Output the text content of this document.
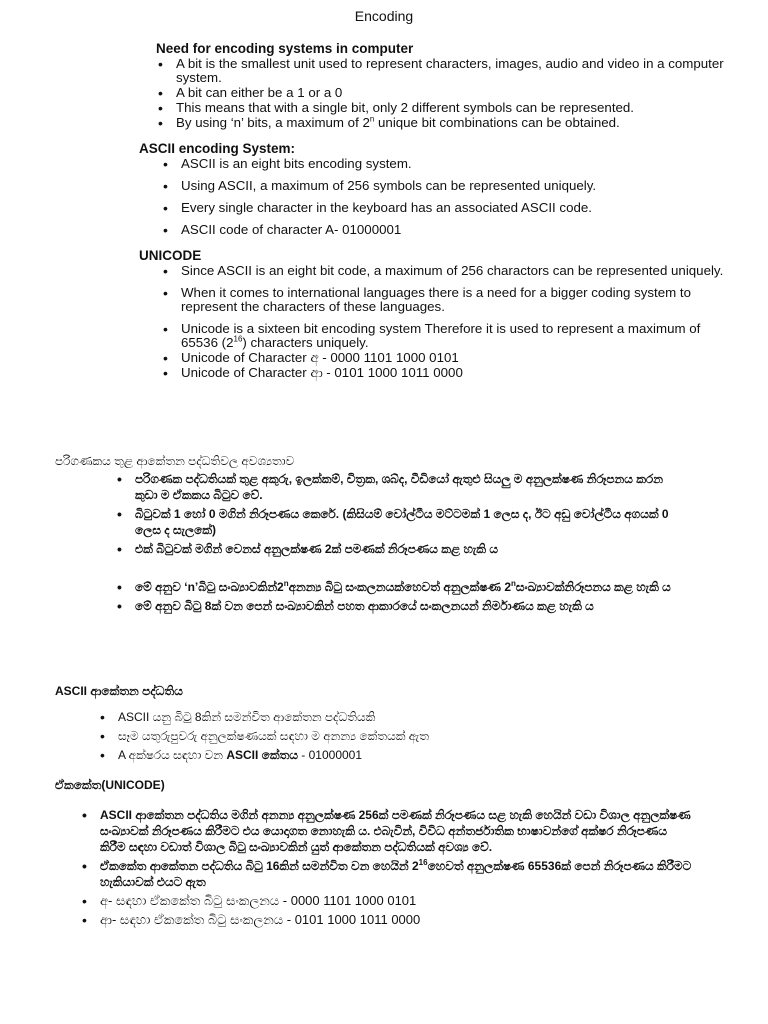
Encoding
Need for encoding systems in computer
• A bit is the smallest unit used to represent characters, images, audio and video in a computer system.
• A bit can either be a 1 or a 0
• This means that with a single bit, only 2 different symbols can be represented.
• By using ‘n’ bits, a maximum of 2$^n$ unique bit combinations can be obtained.
ASCII encoding System:
• ASCII is an eight bits encoding system.
• Using ASCII, a maximum of 256 symbols can be represented uniquely.
• Every single character in the keyboard has an associated ASCII code.
• ASCII code of character A- 01000001
UNICODE
• Since ASCII is an eight bit code, a maximum of 256 charactors can be represented uniquely.
• When it comes to international languages there is a need for a bigger coding system to represent the characters of these languages.
• Unicode is a sixteen bit encoding system Therefore it is used to represent a maximum of 65536 $(2^{16})$ characters uniquely.
• Unicode of Character අ - 0000 1101 1000 0101
• Unicode of Character ආ - 0101 1000 1011 0000
පරිගණකය තුළ ආකේතන පද්ධතිවල අවශ්‍යතාව
• පරිගණක පද්ධතියක් තුළ අකුරු, ඉලක්කම්, චිත්‍රක, ශබ්ද, වීඩියෝ ඇතුළු සියලු ම අනුලක්ෂණ නිරූපනය කරන කුඩා ම ඒකකය බිටුව වේ.
• බිටුවක් 1 හෝ 0 මගින් නිරූපණය කෙරේ. (කිසියම් වෝල්ටීය මට්ටමක් 1 ලෙස ද, ඊට අඩු වෝල්ටීය අගයක් 0 ලෙස ද සැලකේ)
• එක් බිටුවක් මගින් වෙනස් අනුලක්ෂණ 2ක් පමණක් නිරූපණය කළ හැකි ය
• මේ අනුව ‘n’බිටු සංඛ්‍යාවකින්2$^n$අනන්‍ය බිටු සංකලනයක්හෙවත් අනුලක්ෂණ 2$^n$සංඛ්‍යාවක්නිරූපනය කළ හැකි ය
• මේ අනුව බිටු 8ක් වන පෙන් සංඛ්‍යාවකින් පහත ආකාරයේ සංකලනයන් නිර්මාණය කළ හැකි ය
ASCII ආකේතන පද්ධතිය
• ASCII යනු බිටු 8කින් සමන්විත ආකේතන පද්ධතියකි
• සෑම යතුරුපුවරු අනුලක්ෂණයක් සඳහා ම අනන්‍ය කේතයක් ඇත
• A අක්ෂරය සඳහා වන ASCII කේතය - 01000001
ඒකකේත(UNICODE)
• ASCII ආකේතන පද්ධතිය මගින් අනන්‍ය අනුලක්ෂණ 256ක් පමණක් නිරූපණය සළ හැකි හෙයින් වඩා විශාල අනුලක්ෂණ සංඛ්‍යාවක් නිරූපණය කිරීමට එය යොදාගත නොහැකි ය. එබැවින්, විවිධ අන්තර්ජාතික භාෂාවන්ගේ අක්ෂර නිරූපණය කිරීම සඳහා වඩාත් විශාල බිටු සංඛ්‍යාවකින් යුත් ආකේතන පද්ධතියක් අවශ්‍ය වේ.
• ඒකකේත ආකේතන පද්ධතිය බිටු 16කින් සමන්විත වන හෙයින් $2^{16}හෙවත්$ අනුලක්ෂණ 65536ක් පෙන් නිරූපණය කිරීමට හැකියාවක් එයට ඇත
• අ- සඳහා ඒකකේත බිටු සංකලනය - 0000 1101 1000 0101
• ආ- සඳහා ඒකකේත බිටු සංකලනය - 0101 1000 1011 0000
